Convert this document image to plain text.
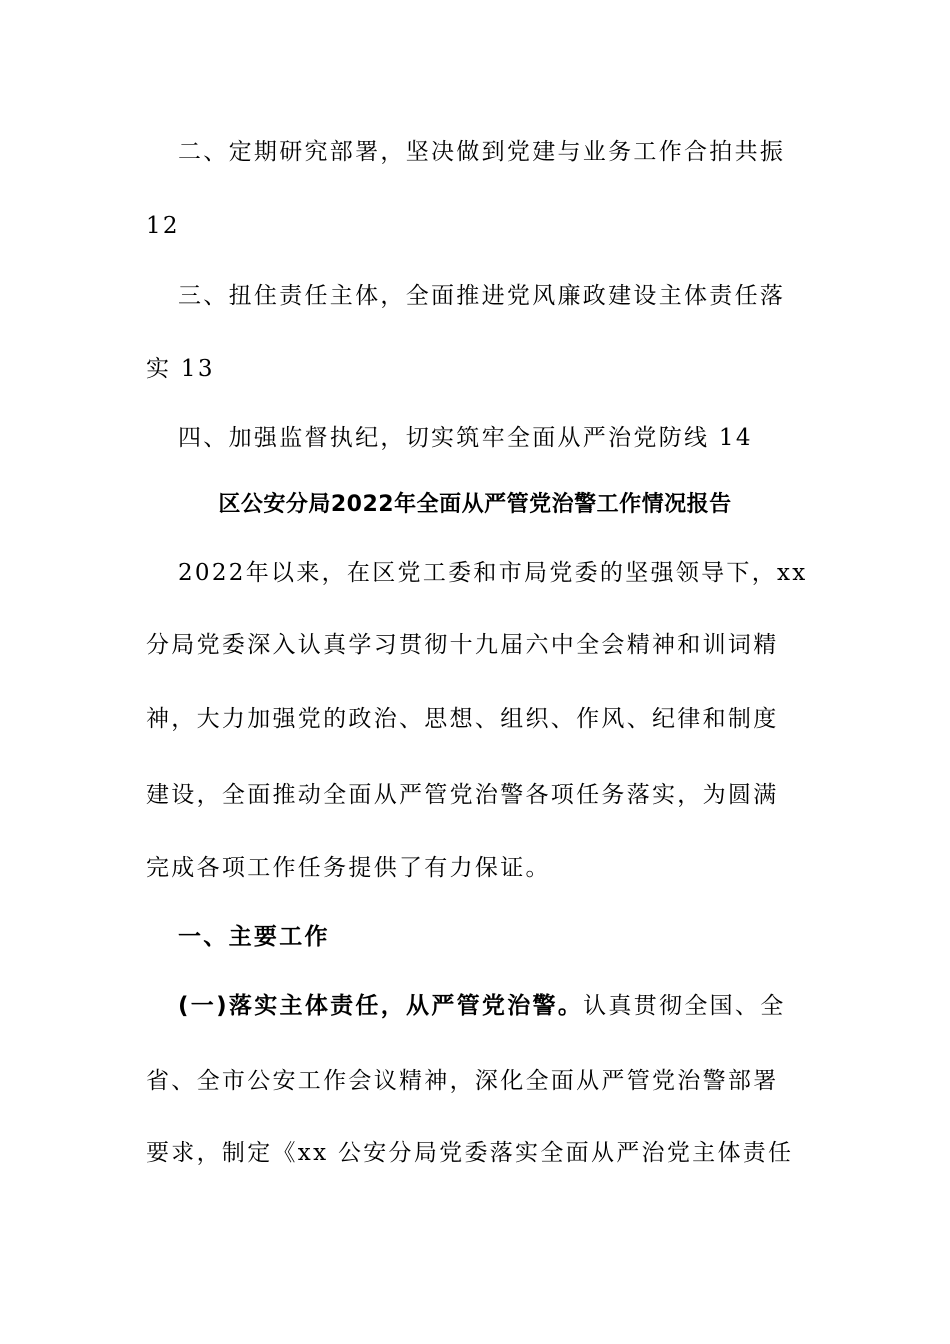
二、定期研究部署，坚决做到党建与业务工作合拍共振
12
三、扭住责任主体，全面推进党风廉政建设主体责任落
实 13
四、加强监督执纪，切实筑牢全面从严治党防线 14
区公安分局2022年全面从严管党治警工作情况报告
2022年以来，在区党工委和市局党委的坚强领导下，xx
分局党委深入认真学习贯彻十九届六中全会精神和训词精
神，大力加强党的政治、思想、组织、作风、纪律和制度
建设，全面推动全面从严管党治警各项任务落实，为圆满
完成各项工作任务提供了有力保证。
一、主要工作
(一)落实主体责任，从严管党治警。认真贯彻全国、全
省、全市公安工作会议精神，深化全面从严管党治警部署
要求，制定《xx 公安分局党委落实全面从严治党主体责任
